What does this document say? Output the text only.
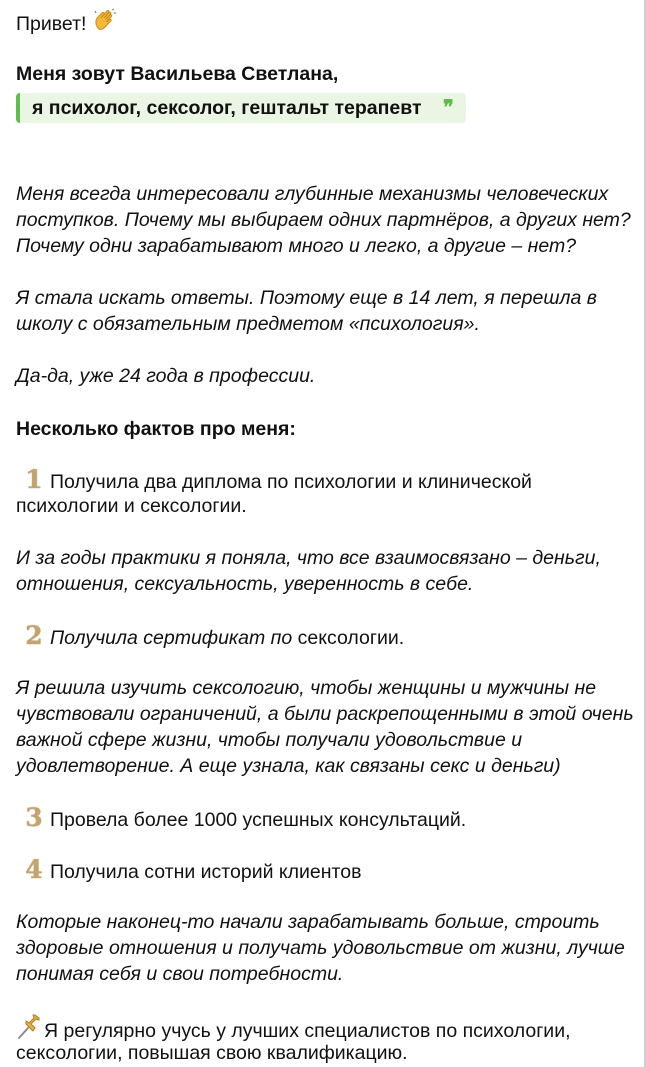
Привет!

Меня зовут Васильева Светлана,

я психолог, сексолог, гештальт терапевт ❞

Меня всегда интересовали глубинные механизмы человеческих

поступков. Почему мы выбираем одних партнёров, а других нет?

Почему одни зарабатывают много и легко, а другие – нет?

Я стала искать ответы. Поэтому еще в 14 лет, я перешла в

школу с обязательным предметом «психология».

Да-да, уже 24 года в профессии.

Несколько фактов про меня:

1 Получила два диплома по психологии и клинической

психологии и сексологии.

И за годы практики я поняла, что все взаимосвязано – деньги,

отношения, сексуальность, уверенность в себе.

2 Получила сертификат по сексологии.

Я решила изучить сексологию, чтобы женщины и мужчины не

чувствовали ограничений, а были раскрепощенными в этой очень

важной сфере жизни, чтобы получали удовольствие и

удовлетворение. А еще узнала, как связаны секс и деньги)

3 Провела более 1000 успешных консультаций.

4 Получила сотни историй клиентов

Которые наконец-то начали зарабатывать больше, строить

здоровые отношения и получать удовольствие от жизни, лучше

понимая себя и свои потребности.

Я регулярно учусь у лучших специалистов по психологии,

сексологии, повышая свою квалификацию.
